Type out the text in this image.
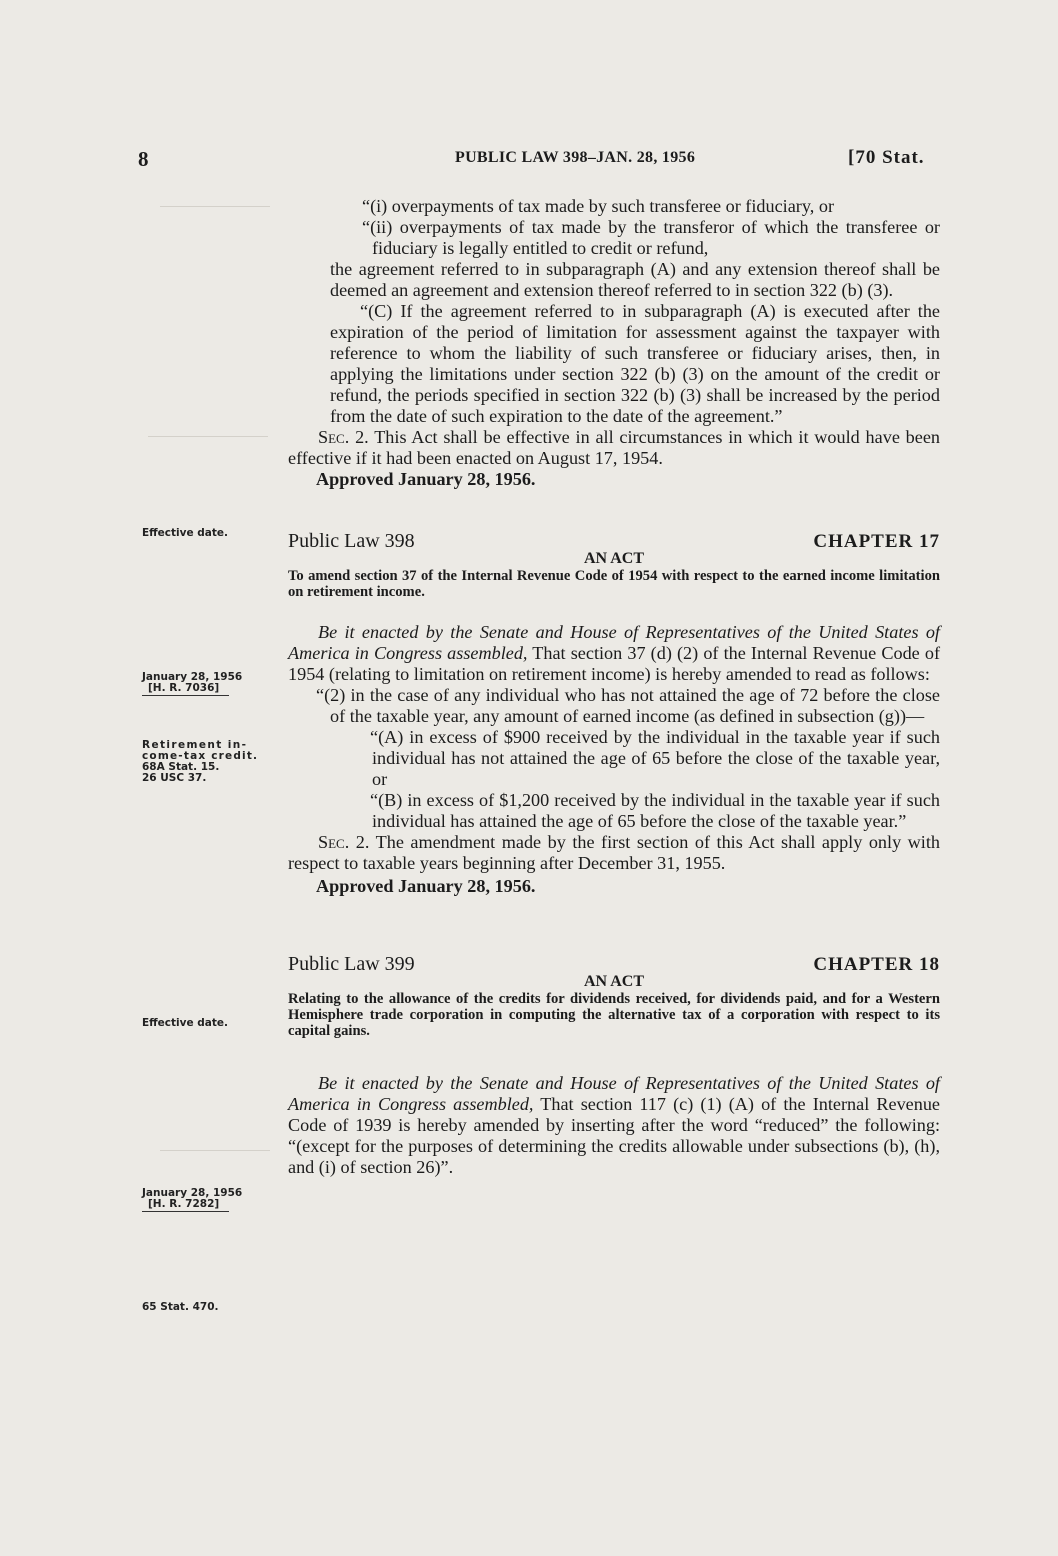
8	PUBLIC LAW 398–JAN. 28, 1956	[70 Stat.
Effective date.
January 28, 1956
[H. R. 7036]
Retirement in-
come-tax credit.
68A Stat. 15.
26 USC 37.
Effective date.
January 28, 1956
[H. R. 7282]
65 Stat. 470.

“(i) overpayments of tax made by such transferee or fiduciary, or

“(ii) overpayments of tax made by the transferor of which the transferee or fiduciary is legally entitled to credit or refund,

the agreement referred to in subparagraph (A) and any extension thereof shall be deemed an agreement and extension thereof referred to in section 322 (b) (3).

“(C) If the agreement referred to in subparagraph (A) is executed after the expiration of the period of limitation for assessment against the taxpayer with reference to whom the liability of such transferee or fiduciary arises, then, in applying the limitations under section 322 (b) (3) on the amount of the credit or refund, the periods specified in section 322 (b) (3) shall be increased by the period from the date of such expiration to the date of the agreement.”

Sec. 2. This Act shall be effective in all circumstances in which it would have been effective if it had been enacted on August 17, 1954.

Approved January 28, 1956.

Public Law 398	CHAPTER 17
AN ACT

To amend section 37 of the Internal Revenue Code of 1954 with respect to the earned income limitation on retirement income.

Be it enacted by the Senate and House of Representatives of the United States of America in Congress assembled, That section 37 (d) (2) of the Internal Revenue Code of 1954 (relating to limitation on retirement income) is hereby amended to read as follows:

“(2) in the case of any individual who has not attained the age of 72 before the close of the taxable year, any amount of earned income (as defined in subsection (g))—

“(A) in excess of $900 received by the individual in the taxable year if such individual has not attained the age of 65 before the close of the taxable year, or

“(B) in excess of $1,200 received by the individual in the taxable year if such individual has attained the age of 65 before the close of the taxable year.”

Sec. 2. The amendment made by the first section of this Act shall apply only with respect to taxable years beginning after December 31, 1955.

Approved January 28, 1956.

Public Law 399	CHAPTER 18
AN ACT

Relating to the allowance of the credits for dividends received, for dividends paid, and for a Western Hemisphere trade corporation in computing the alternative tax of a corporation with respect to its capital gains.

Be it enacted by the Senate and House of Representatives of the United States of America in Congress assembled, That section 117 (c) (1) (A) of the Internal Revenue Code of 1939 is hereby amended by inserting after the word “reduced” the following: “(except for the purposes of determining the credits allowable under subsections (b), (h), and (i) of section 26)”.
